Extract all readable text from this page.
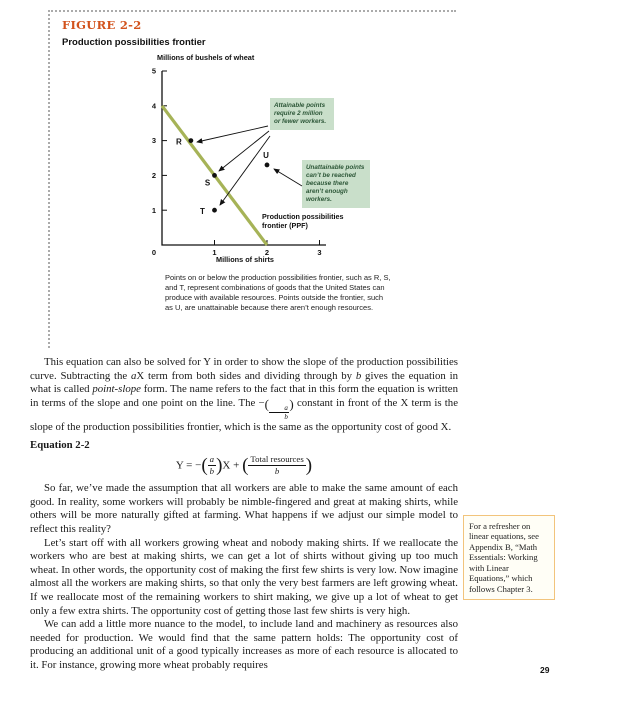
FIGURE 2-2
Production possibilities frontier
Millions of bushels of wheat
Attainable points require 2 million or fewer workers.
Unattainable points can’t be reached because there aren’t enough workers.
1
2
3
4
5
0	1	2	3
R
S
T
U
Production possibilities frontier (PPF)
Millions of shirts
Points on or below the production possibilities frontier, such as R, S, and T, represent combinations of goods that the United States can produce with available resources. Points outside the frontier, such as U, are unattainable because there aren’t enough resources.

This equation can also be solved for Y in order to show the slope of the production possibilities curve. Subtracting the aX term from both sides and dividing through by b gives the equation in what is called point-slope form. The name refers to the fact that in this form the equation is written in terms of the slope and one point on the line. The −(
$\frac{a}{b}$
) constant in front of the X term is the slope of the production possibilities frontier, which is the same as the opportunity cost of good X.

Equation 2-2

Y = −( $\frac{a}{b} )X$ + ( $\frac{\text{Total resources}}{b}$ )

So far, we’ve made the assumption that all workers are able to make the same amount of each good. In reality, some workers will probably be nimble-fingered and great at making shirts, while others will be more naturally gifted at farming. What happens if we adjust our simple model to reflect this reality?

Let’s start off with all workers growing wheat and nobody making shirts. If we reallocate the workers who are best at making shirts, we can get a lot of shirts without giving up too much wheat. In other words, the opportunity cost of making the first few shirts is very low. Now imagine almost all the workers are making shirts, so that only the very best farmers are left growing wheat. If we reallocate most of the remaining workers to shirt making, we give up a lot of wheat to get only a few extra shirts. The opportunity cost of getting those last few shirts is very high.

We can add a little more nuance to the model, to include land and machinery as resources also needed for production. We would find that the same pattern holds: The opportunity cost of producing an additional unit of a good typically increases as more of each resource is allocated to it. For instance, growing more wheat probably requires

For a refresher on linear equations, see Appendix B, “Math Essentials: Working with Linear Equations,” which follows Chapter 3.
29
